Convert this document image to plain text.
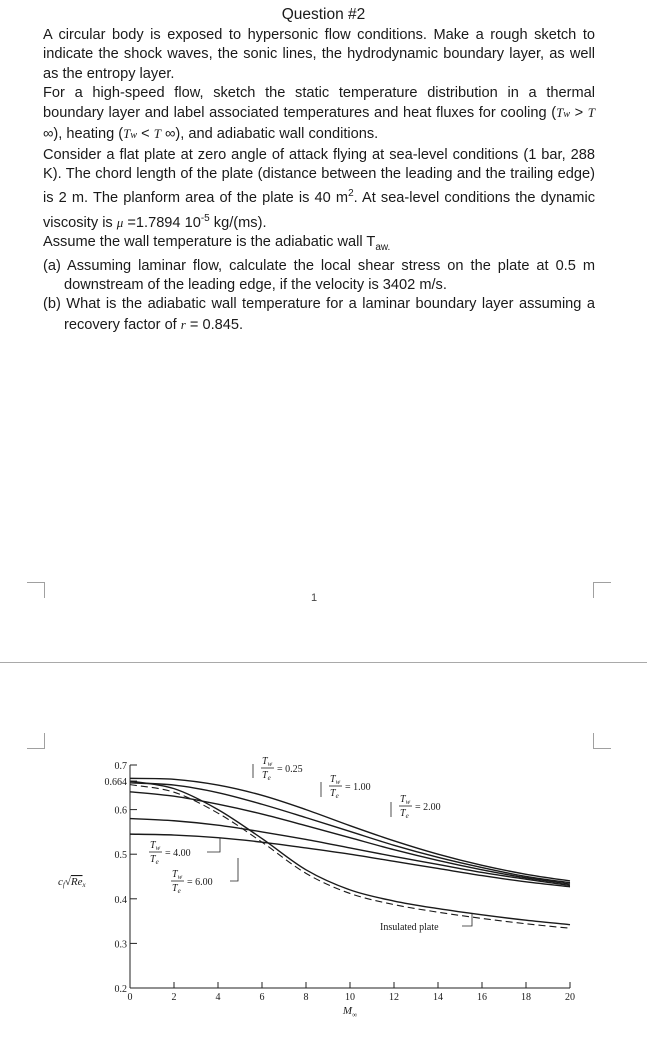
Question #2

A circular body is exposed to hypersonic flow conditions. Make a rough sketch to indicate the shock waves, the sonic lines, the hydrodynamic boundary layer, as well as the entropy layer.

For a high-speed flow, sketch the static temperature distribution in a thermal boundary layer and label associated temperatures and heat fluxes for cooling (Tw > T ∞), heating (Tw < T ∞), and adiabatic wall conditions.

Consider a flat plate at zero angle of attack flying at sea-level conditions (1 bar, 288 K). The chord length of the plate (distance between the leading and the trailing edge) is 2 m. The planform area of the plate is 40 $m^2$. At sea-level conditions the dynamic viscosity is μ =1.7894 $10^{-5}$ kg/(ms).

Assume the wall temperature is the adiabatic wall $T_{aw.}$

(a) Assuming laminar flow, calculate the local shear stress on the plate at 0.5 m downstream of the leading edge, if the velocity is 3402 m/s.

(b) What is the adiabatic wall temperature for a laminar boundary layer assuming a recovery factor of r = 0.845.

1
0	2	4	6	8	10	12	14	16	18	20
0.2
0.3
0.4
0.5
0.6
0.664
0.7
$M_\infty$
cf√Rex
$T_w$
$T_e$
= 0.25
$T_w$
$T_e$
= 1.00
$T_w$
$T_e$
= 2.00
$T_w$
$T_e$
= 4.00
$T_w$
$T_e$
= 6.00
Insulated plate
